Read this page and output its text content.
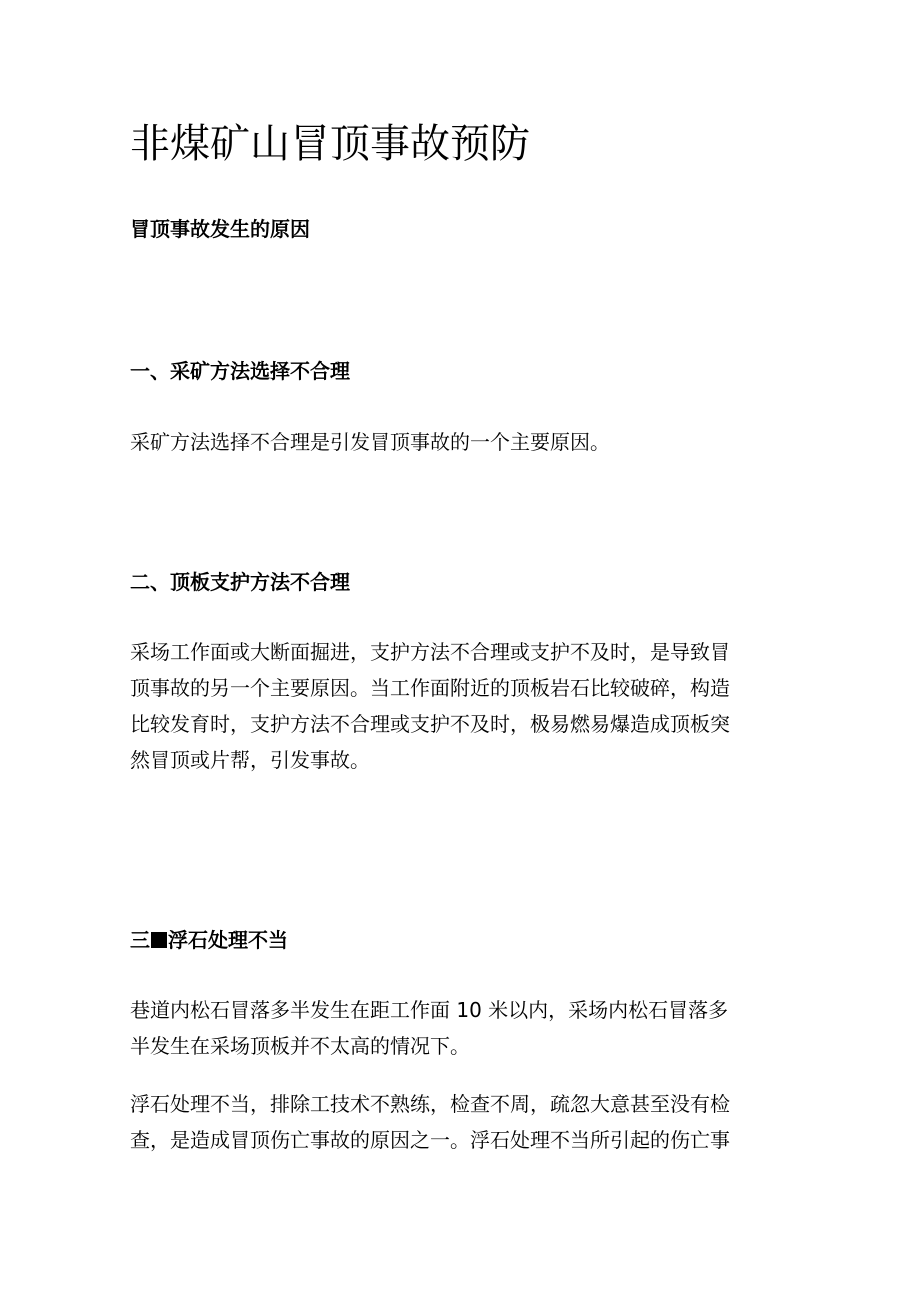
非煤矿山冒顶事故预防
冒顶事故发生的原因
一、采矿方法选择不合理

采矿方法选择不合理是引发冒顶事故的一个主要原因。

二、顶板支护方法不合理

采场工作面或大断面掘进，支护方法不合理或支护不及时，是导致冒
顶事故的另一个主要原因。当工作面附近的顶板岩石比较破碎，构造
比较发育时，支护方法不合理或支护不及时，极易燃易爆造成顶板突
然冒顶或片帮，引发事故。

三 浮石处理不当

巷道内松石冒落多半发生在距工作面 10 米以内，采场内松石冒落多
半发生在采场顶板并不太高的情况下。

浮石处理不当，排除工技术不熟练，检查不周，疏忽大意甚至没有检
查，是造成冒顶伤亡事故的原因之一。浮石处理不当所引起的伤亡事
